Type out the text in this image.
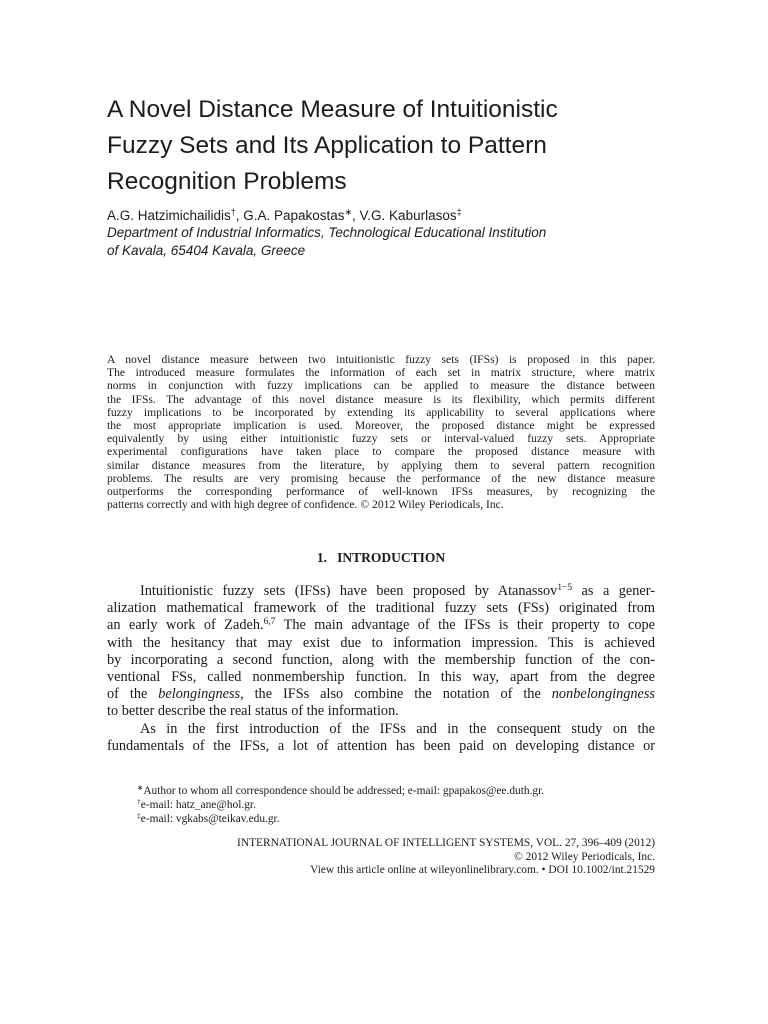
A Novel Distance Measure of Intuitionistic
Fuzzy Sets and Its Application to Pattern
Recognition Problems
A.G. Hatzimichailidis†, G.A. Papakostas∗, V.G. Kaburlasos‡
Department of Industrial Informatics, Technological Educational Institution
of Kavala, 65404 Kavala, Greece
A novel distance measure between two intuitionistic fuzzy sets (IFSs) is proposed in this paper.
The introduced measure formulates the information of each set in matrix structure, where matrix
norms in conjunction with fuzzy implications can be applied to measure the distance between
the IFSs. The advantage of this novel distance measure is its flexibility, which permits different
fuzzy implications to be incorporated by extending its applicability to several applications where
the most appropriate implication is used. Moreover, the proposed distance might be expressed
equivalently by using either intuitionistic fuzzy sets or interval-valued fuzzy sets. Appropriate
experimental configurations have taken place to compare the proposed distance measure with
similar distance measures from the literature, by applying them to several pattern recognition
problems. The results are very promising because the performance of the new distance measure
outperforms the corresponding performance of well-known IFSs measures, by recognizing the
patterns correctly and with high degree of confidence. © 2012 Wiley Periodicals, Inc.
1.   INTRODUCTION
Intuitionistic fuzzy sets (IFSs) have been proposed by Atanassov$^{1-5}$ as a gener-
alization mathematical framework of the traditional fuzzy sets (FSs) originated from
an early work of Zadeh.$^{6,7}$ The main advantage of the IFSs is their property to cope
with the hesitancy that may exist due to information impression. This is achieved
by incorporating a second function, along with the membership function of the con-
ventional FSs, called nonmembership function. In this way, apart from the degree
of the belongingness, the IFSs also combine the notation of the nonbelongingness
to better describe the real status of the information.
As in the first introduction of the IFSs and in the consequent study on the
fundamentals of the IFSs, a lot of attention has been paid on developing distance or
∗Author to whom all correspondence should be addressed; e-mail: gpapakos@ee.duth.gr.
†e-mail: hatz_ane@hol.gr.
‡e-mail: vgkabs@teikav.edu.gr.
INTERNATIONAL JOURNAL OF INTELLIGENT SYSTEMS, VOL. 27, 396–409 (2012)
© 2012 Wiley Periodicals, Inc.
View this article online at wileyonlinelibrary.com. • DOI 10.1002/int.21529
